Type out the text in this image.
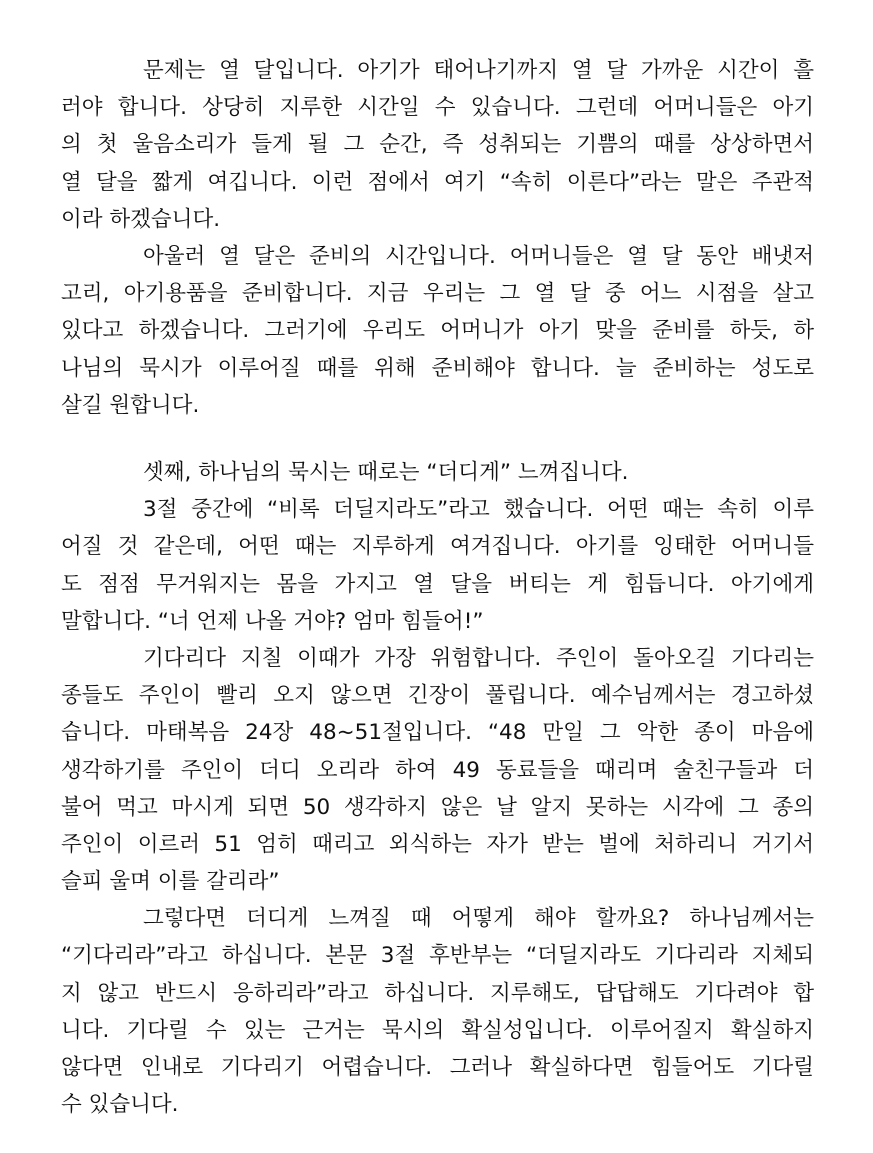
문제는 열 달입니다. 아기가 태어나기까지 열 달 가까운 시간이 흘
러야 합니다. 상당히 지루한 시간일 수 있습니다. 그런데 어머니들은 아기
의 첫 울음소리가 들게 될 그 순간, 즉 성취되는 기쁨의 때를 상상하면서
열 달을 짧게 여깁니다. 이런 점에서 여기 “속히 이른다”라는 말은 주관적
이라 하겠습니다.
아울러 열 달은 준비의 시간입니다. 어머니들은 열 달 동안 배냇저
고리, 아기용품을 준비합니다. 지금 우리는 그 열 달 중 어느 시점을 살고
있다고 하겠습니다. 그러기에 우리도 어머니가 아기 맞을 준비를 하듯, 하
나님의 묵시가 이루어질 때를 위해 준비해야 합니다. 늘 준비하는 성도로
살길 원합니다.
셋째, 하나님의 묵시는 때로는 “더디게” 느껴집니다.
3절 중간에 “비록 더딜지라도”라고 했습니다. 어떤 때는 속히 이루
어질 것 같은데, 어떤 때는 지루하게 여겨집니다. 아기를 잉태한 어머니들
도 점점 무거워지는 몸을 가지고 열 달을 버티는 게 힘듭니다. 아기에게
말합니다. “너 언제 나올 거야? 엄마 힘들어!”
기다리다 지칠 이때가 가장 위험합니다. 주인이 돌아오길 기다리는
종들도 주인이 빨리 오지 않으면 긴장이 풀립니다. 예수님께서는 경고하셨
습니다. 마태복음 24장 48~51절입니다. “48 만일 그 악한 종이 마음에
생각하기를 주인이 더디 오리라 하여 49 동료들을 때리며 술친구들과 더
불어 먹고 마시게 되면 50 생각하지 않은 날 알지 못하는 시각에 그 종의
주인이 이르러 51 엄히 때리고 외식하는 자가 받는 벌에 처하리니 거기서
슬피 울며 이를 갈리라”
그렇다면 더디게 느껴질 때 어떻게 해야 할까요? 하나님께서는
“기다리라”라고 하십니다. 본문 3절 후반부는 “더딜지라도 기다리라 지체되
지 않고 반드시 응하리라”라고 하십니다. 지루해도, 답답해도 기다려야 합
니다. 기다릴 수 있는 근거는 묵시의 확실성입니다. 이루어질지 확실하지
않다면 인내로 기다리기 어렵습니다. 그러나 확실하다면 힘들어도 기다릴
수 있습니다.
